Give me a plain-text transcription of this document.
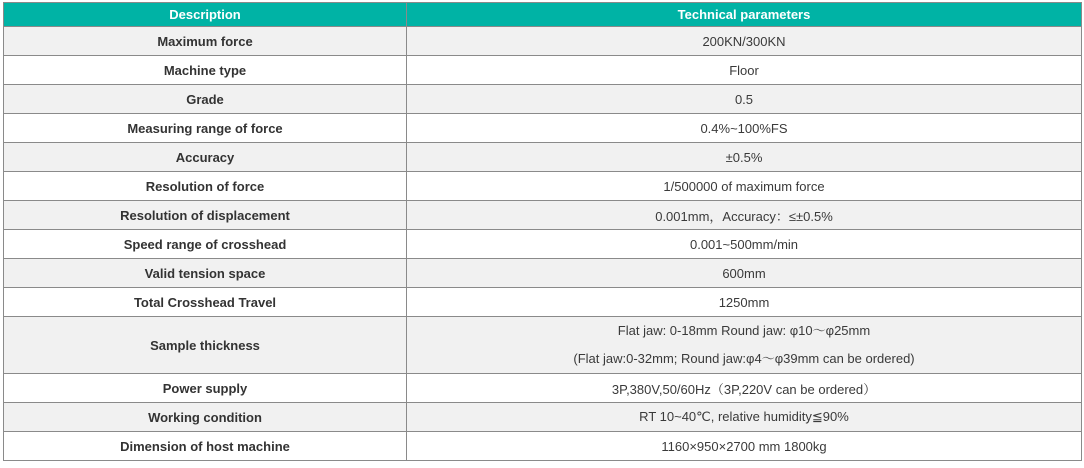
Description	Technical parameters
Maximum force	200KN/300KN
Machine type	Floor
Grade	0.5
Measuring range of force	0.4%~100%FS
Accuracy	±0.5%
Resolution of force	1/500000 of maximum force
Resolution of displacement	0.001mm，Accuracy：≤±0.5%
Speed range of crosshead	0.001~500mm/min
Valid tension space	600mm
Total Crosshead Travel	1250mm
Sample thickness	Flat jaw: 0-18mm Round jaw: φ10～φ25mm
(Flat jaw:0-32mm; Round jaw:φ4～φ39mm can be ordered)

Power supply	3P,380V,50/60Hz（3P,220V can be ordered）
Working condition	RT 10~40℃, relative humidity≦90%
Dimension of host machine	1160×950×2700 mm 1800kg
